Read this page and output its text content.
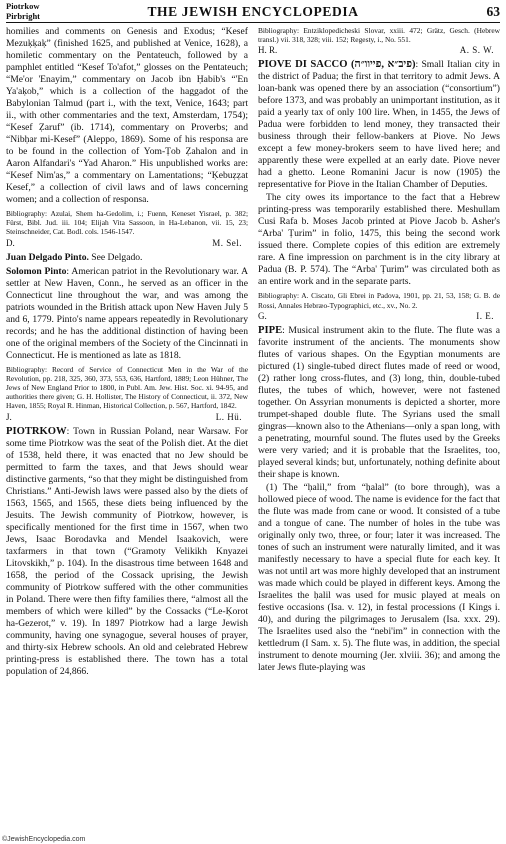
Piotrkow
Pirbright	THE JEWISH ENCYCLOPEDIA	63

homilies and comments on Genesis and Exodus; “Kesef Mezuḳḳaḳ” (finished 1625, and published at Venice, 1628), a homiletic commentary on the Pentateuch, followed by a pamphlet entitled “Kesef To'afot,” glosses on the Pentateuch; “Me'or 'Enayim,” commentary on Jacob ibn Ḥabib's “'En Ya'aḳob,” which is a collection of the haggadot of the Babylonian Talmud (part i., with the text, Venice, 1643; part ii., with other commentaries and the text, Amsterdam, 1754); “Kesef Ẓaruf” (ib. 1714), commentary on Proverbs; and “Nibḥar mi-Kesef” (Aleppo, 1869). Some of his responsa are to be found in the collection of Yom-Ṭob Ẓahalon and in Aaron Alfandari's “Yad Aharon.” His unpublished works are: “Kesef Nim'as,” a commentary on Lamentations; “Ḳebuẓẓat Kesef,” a collection of civil laws and of laws concerning women; and a collection of responsa.

Bibliography: Azulai, Shem ha-Gedolim, i.; Fuenn, Keneset Yisrael, p. 382; Fürst, Bibl. Jud. iii. 104; Elijah Vita Sassoon, in Ha-Lebanon, vii. 15, 23; Steinschneider, Cat. Bodl. cols. 1546-1547.

D.	M. Sel.

Juan Delgado Pinto. See Delgado.

Solomon Pinto: American patriot in the Revolutionary war. A settler at New Haven, Conn., he served as an officer in the Connecticut line throughout the war, and was among the patriots wounded in the British attack upon New Haven July 5 and 6, 1779. Pinto's name appears repeatedly in Revolutionary records; and he has the additional distinction of having been one of the original members of the Society of the Cincinnati in Connecticut. He is mentioned as late as 1818.

Bibliography: Record of Service of Connecticut Men in the War of the Revolution, pp. 218, 325, 360, 373, 553, 636, Hartford, 1889; Leon Hühner, The Jews of New England Prior to 1800, in Publ. Am. Jew. Hist. Soc. xi. 94-95, and authorities there given; G. H. Hollister, The History of Connecticut, ii. 372, New Haven, 1855; Royal R. Hinman, Historical Collection, p. 567, Hartford, 1842.

J.	L. Hü.

PIOTRKOW: Town in Russian Poland, near Warsaw. For some time Piotrkow was the seat of the Polish diet. At the diet of 1538, held there, it was enacted that no Jew should be permitted to farm the taxes, and that Jews should wear distinctive garments, “so that they might be distinguished from Christians.” Anti-Jewish laws were passed also by the diets of 1563, 1565, and 1565, these diets being influenced by the Jesuits. The Jewish community of Piotrkow, however, is specifically mentioned for the first time in 1567, when two Jews, Isaac Borodavka and Mendel Isaakovich, were taxfarmers in that town (“Gramoty Velikikh Knyazei Litovskikh,” p. 104). In the disastrous time between 1648 and 1658, the period of the Cossack uprising, the Jewish community of Piotrkow suffered with the other communities in Poland. There were then fifty families there, “almost all the members of which were killed” by the Cossacks (“Le-Ḳorot ha-Gezerot,” v. 19). In 1897 Piotrkow had a large Jewish community, having one synagogue, several houses of prayer, and thirty-six Hebrew schools. An old and celebrated Hebrew printing-press is established there. The town has a total population of 24,866.

Bibliography: Entziklopedicheski Slovar, xxiii. 472; Grätz, Gesch. (Hebrew transl.) vii. 318, 328; viii. 152; Regesty, i., No. 551.

H. R.	A. S. W.

PIOVE DI SACCO (פיב״א ,פייוו״ה): Small Italian city in the district of Padua; the first in that territory to admit Jews. A loan-bank was opened there by an association (“consortium”) before 1373, and was probably an unimportant institution, as it paid a yearly tax of only 100 lire. When, in 1455, the Jews of Padua were forbidden to lend money, they transacted their business through their fellow-bankers at Piove. No Jews except a few money-brokers seem to have lived here; and apparently these were expelled at an early date. Piove never had a ghetto. Leone Romanini Jacur is now (1905) the representative for Piove in the Italian Chamber of Deputies.

The city owes its importance to the fact that a Hebrew printing-press was temporarily established there. Meshullam Cusi Rafa b. Moses Jacob printed at Piove Jacob b. Asher's “Arba' Ṭurim” in folio, 1475, this being the second work issued there. Complete copies of this edition are extremely rare. A fine impression on parchment is in the city library at Padua (B. P. 574). The “Arba' Ṭurim” was circulated both as an entire work and in the separate parts.

Bibliography: A. Ciscato, Gli Ebrei in Padova, 1901, pp. 21, 53, 158; G. B. de Rossi, Annales Hebræo-Typographici, etc., xv., No. 2.

G.	I. E.

PIPE: Musical instrument akin to the flute. The flute was a favorite instrument of the ancients. The monuments show flutes of various shapes. On the Egyptian monuments are pictured (1) single-tubed direct flutes made of reed or wood, (2) rather long cross-flutes, and (3) long, thin, double-tubed flutes, the tubes of which, however, were not fastened together. On Assyrian monuments is depicted a shorter, more trumpet-shaped double flute. The Syrians used the small gingras—known also to the Athenians—only a span long, with a penetrating, mournful sound. The flutes used by the Greeks were very varied; and it is probable that the Israelites, too, played several kinds; but, unfortunately, nothing definite about their shape is known.

(1) The “ḥalil,” from “ḥalal” (to bore through), was a hollowed piece of wood. The name is evidence for the fact that the flute was made from cane or wood. It consisted of a tube and a tongue of cane. The number of holes in the tube was originally only two, three, or four; later it was increased. The tones of such an instrument were naturally limited, and it was manifestly necessary to have a special flute for each key. It was not until art was more highly developed that an instrument was made which could be played in different keys. Among the Israelites the ḥalil was used for music played at meals on festive occasions (Isa. v. 12), in festal processions (I Kings i. 40), and during the pilgrimages to Jerusalem (Isa. xxx. 29). The Israelites used also the “nebi'im” in connection with the kettledrum (I Sam. x. 5). The flute was, in addition, the special instrument to denote mourning (Jer. xlviii. 36); and among the later Jews flute-playing was

©JewishEncyclopedia.com
